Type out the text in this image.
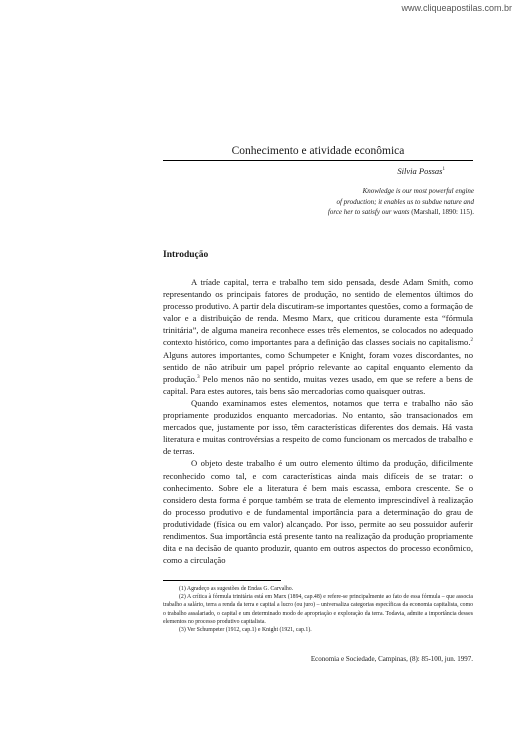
www.cliqueapostilas.com.br
Conhecimento e atividade econômica
Silvia Possas$^1$
Knowledge is our most powerful engine
of production; it enables us to subdue nature and
force her to satisfy our wants (Marshall, 1890: 115).
Introdução

A tríade capital, terra e trabalho tem sido pensada, desde Adam Smith, como representando os principais fatores de produção, no sentido de elementos últimos do processo produtivo. A partir dela discutiram-se importantes questões, como a formação de valor e a distribuição de renda. Mesmo Marx, que criticou duramente esta “fórmula trinitária”, de alguma maneira reconhece esses três elementos, se colocados no adequado contexto histórico, como importantes para a definição das classes sociais no capitalismo.$^2$ Alguns autores importantes, como Schumpeter e Knight, foram vozes discordantes, no sentido de não atribuir um papel próprio relevante ao capital enquanto elemento da produção.$^3$ Pelo menos não no sentido, muitas vezes usado, em que se refere a bens de capital. Para estes autores, tais bens são mercadorias como quaisquer outras.

Quando examinamos estes elementos, notamos que terra e trabalho não são propriamente produzidos enquanto mercadorias. No entanto, são transacionados em mercados que, justamente por isso, têm características diferentes dos demais. Há vasta literatura e muitas controvérsias a respeito de como funcionam os mercados de trabalho e de terras.

O objeto deste trabalho é um outro elemento último da produção, dificilmente reconhecido como tal, e com características ainda mais difíceis de se tratar: o conhecimento. Sobre ele a literatura é bem mais escassa, embora crescente. Se o considero desta forma é porque também se trata de elemento imprescindível à realização do processo produtivo e de fundamental importância para a determinação do grau de produtividade (física ou em valor) alcançado. Por isso, permite ao seu possuidor auferir rendimentos. Sua importância está presente tanto na realização da produção propriamente dita e na decisão de quanto produzir, quanto em outros aspectos do processo econômico, como a circulação

(1) Agradeço as sugestões de Endas G. Carvalho.

(2) A crítica à fórmula trinitária está em Marx (1894, cap.48) e refere-se principalmente ao fato de essa fórmula – que associa trabalho a salário, terra a renda da terra e capital a lucro (ou juro) – universaliza categorias específicas da economia capitalista, como o trabalho assalariado, o capital e um determinado modo de apropriação e exploração da terra. Todavia, admite a importância desses elementos no processo produtivo capitalista.

(3) Ver Schumpeter (1912, cap.1) e Knight (1921, cap.1).

Economia e Sociedade, Campinas, (8): 85-100, jun. 1997.
